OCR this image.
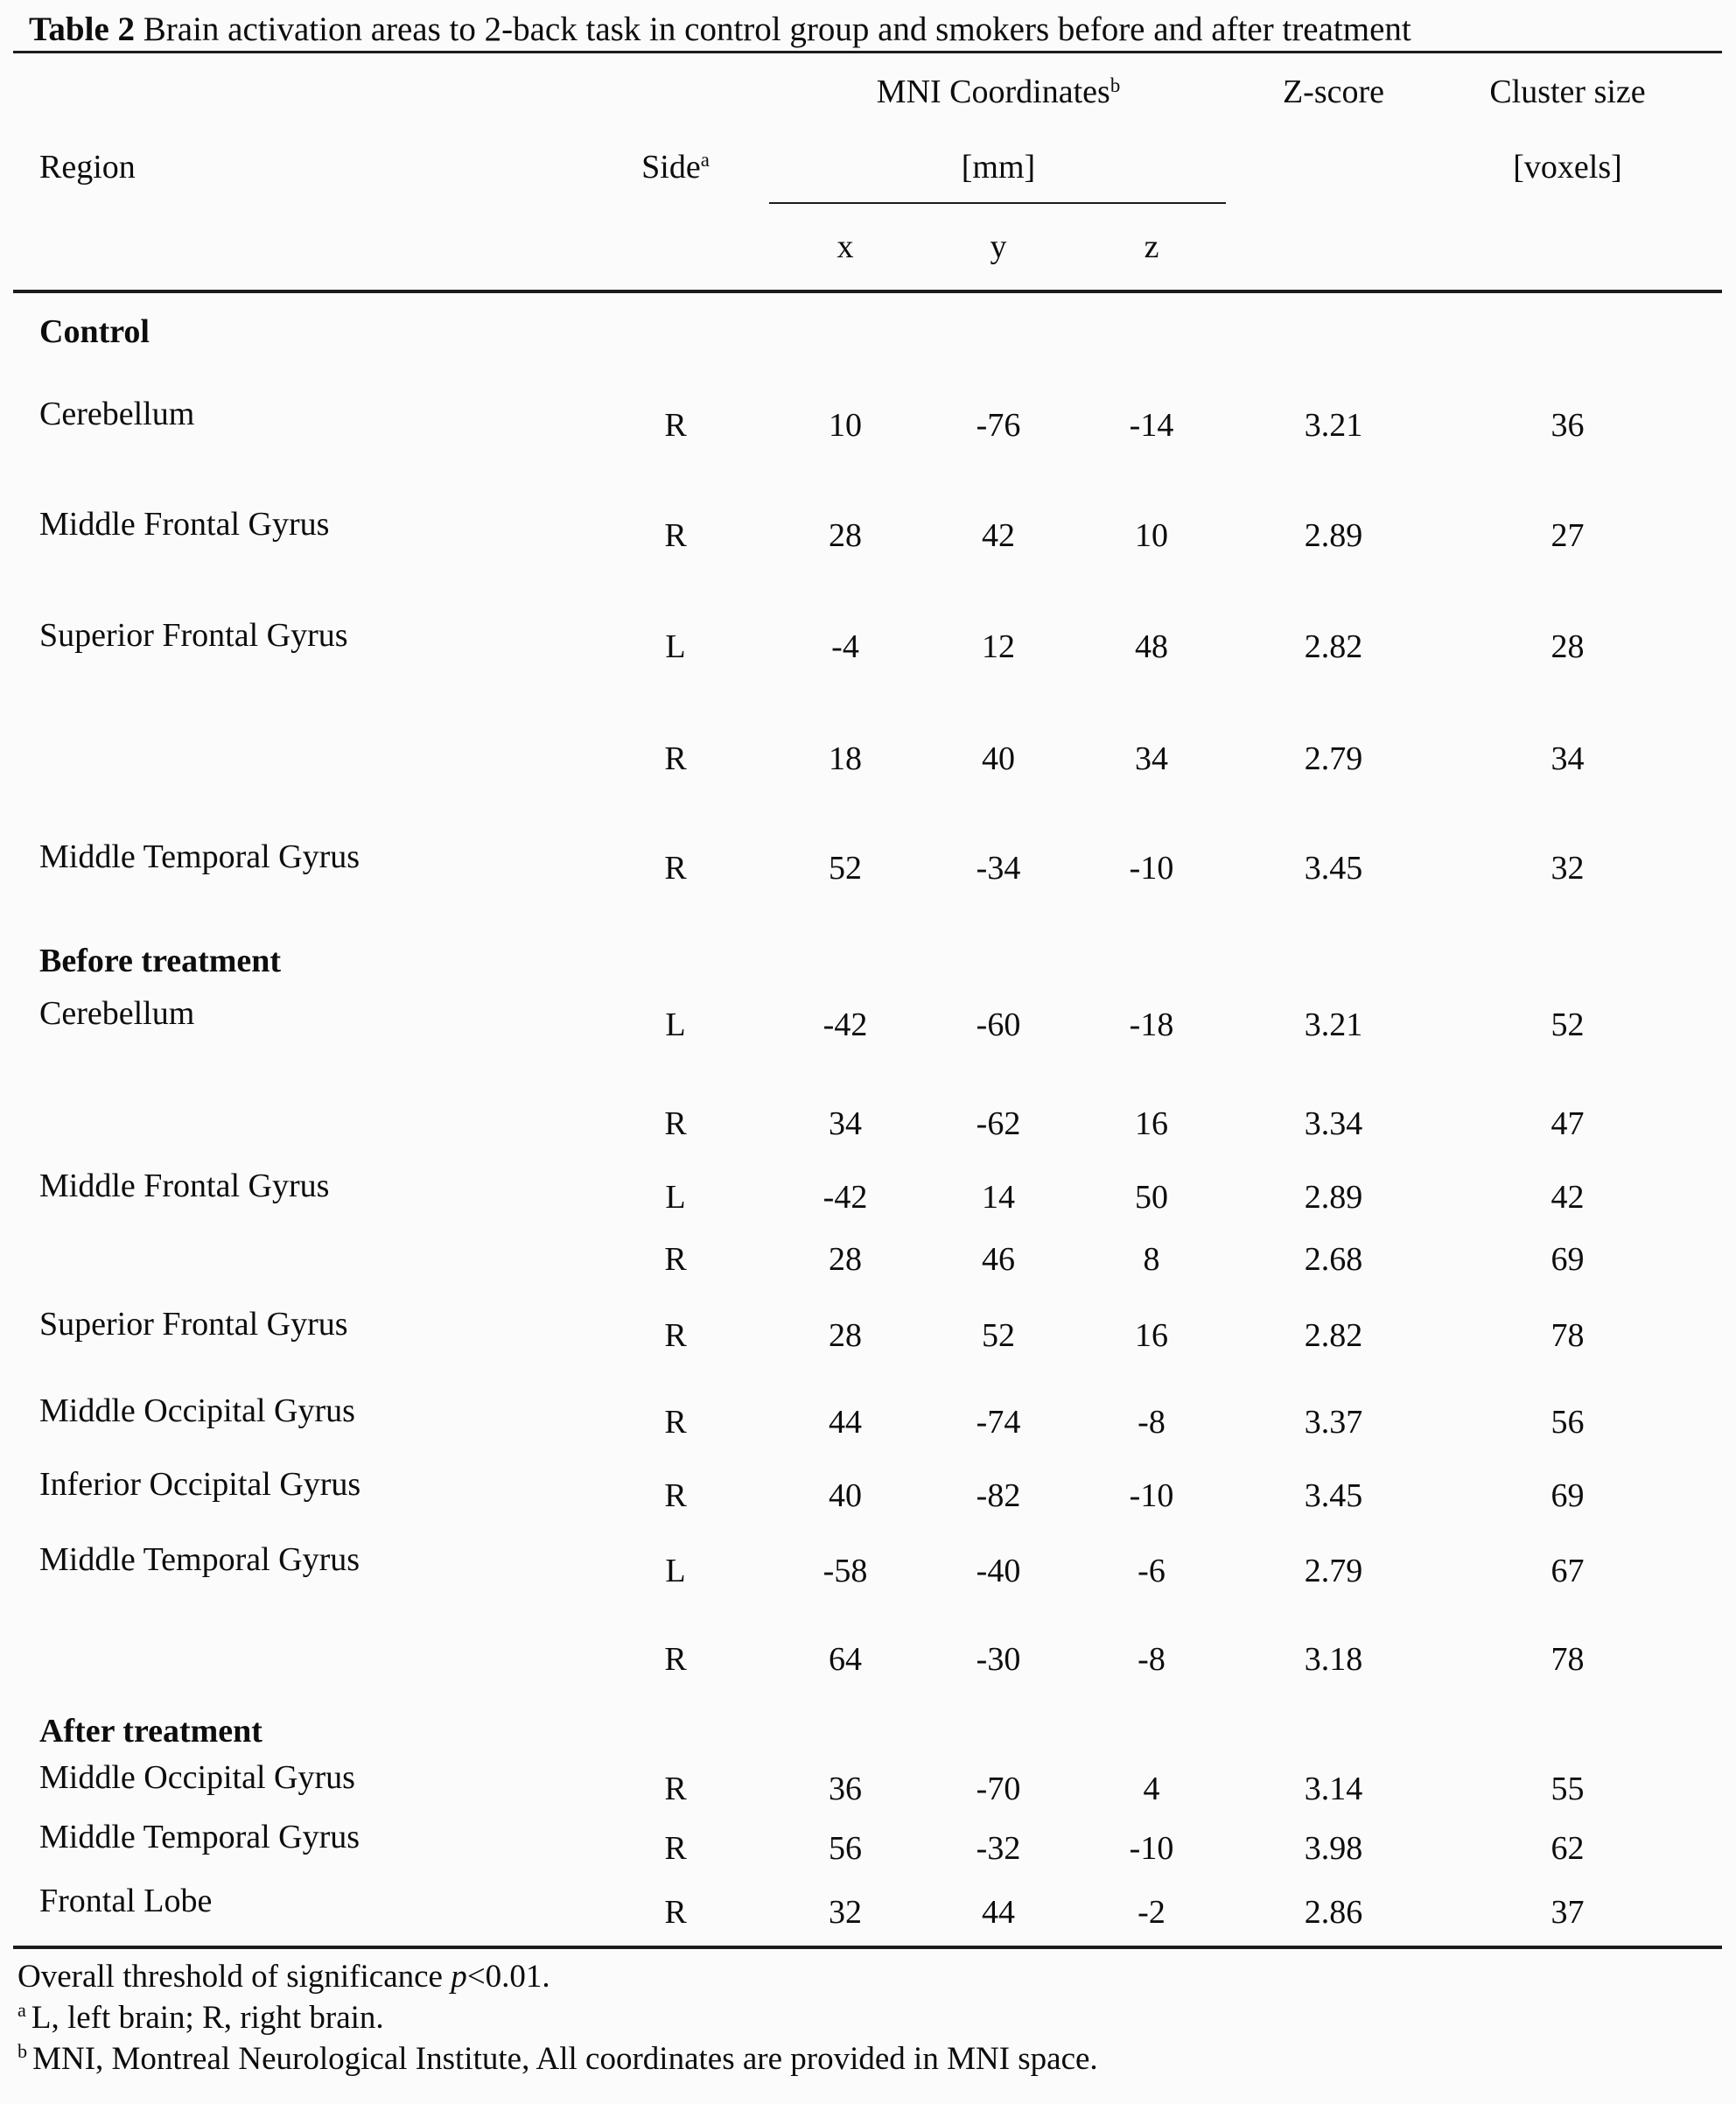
Table 2 Brain activation areas to 2-back task in control group and smokers before and after treatment
		MNI Coordinates$^b$			Z-score	Cluster size
Region	Side$^a$	[mm]				[voxels]
		x	y	z		
Control						
Cerebellum	R	10	-76	-14	3.21	36
Middle Frontal Gyrus	R	28	42	10	2.89	27
Superior Frontal Gyrus	L	-4	12	48	2.82	28
	R	18	40	34	2.79	34
Middle Temporal Gyrus	R	52	-34	-10	3.45	32
Before treatment						
Cerebellum	L	-42	-60	-18	3.21	52
	R	34	-62	16	3.34	47
Middle Frontal Gyrus	L	-42	14	50	2.89	42
	R	28	46	8	2.68	69
Superior Frontal Gyrus	R	28	52	16	2.82	78
Middle Occipital Gyrus	R	44	-74	-8	3.37	56
Inferior Occipital Gyrus	R	40	-82	-10	3.45	69
Middle Temporal Gyrus	L	-58	-40	-6	2.79	67
	R	64	-30	-8	3.18	78
After treatment						
Middle Occipital Gyrus	R	36	-70	4	3.14	55
Middle Temporal Gyrus	R	56	-32	-10	3.98	62
Frontal Lobe	R	32	44	-2	2.86	37
Overall threshold of significance p<0.01.
$^a$ L, left brain; R, right brain.
$^b$ MNI, Montreal Neurological Institute, All coordinates are provided in MNI space.
